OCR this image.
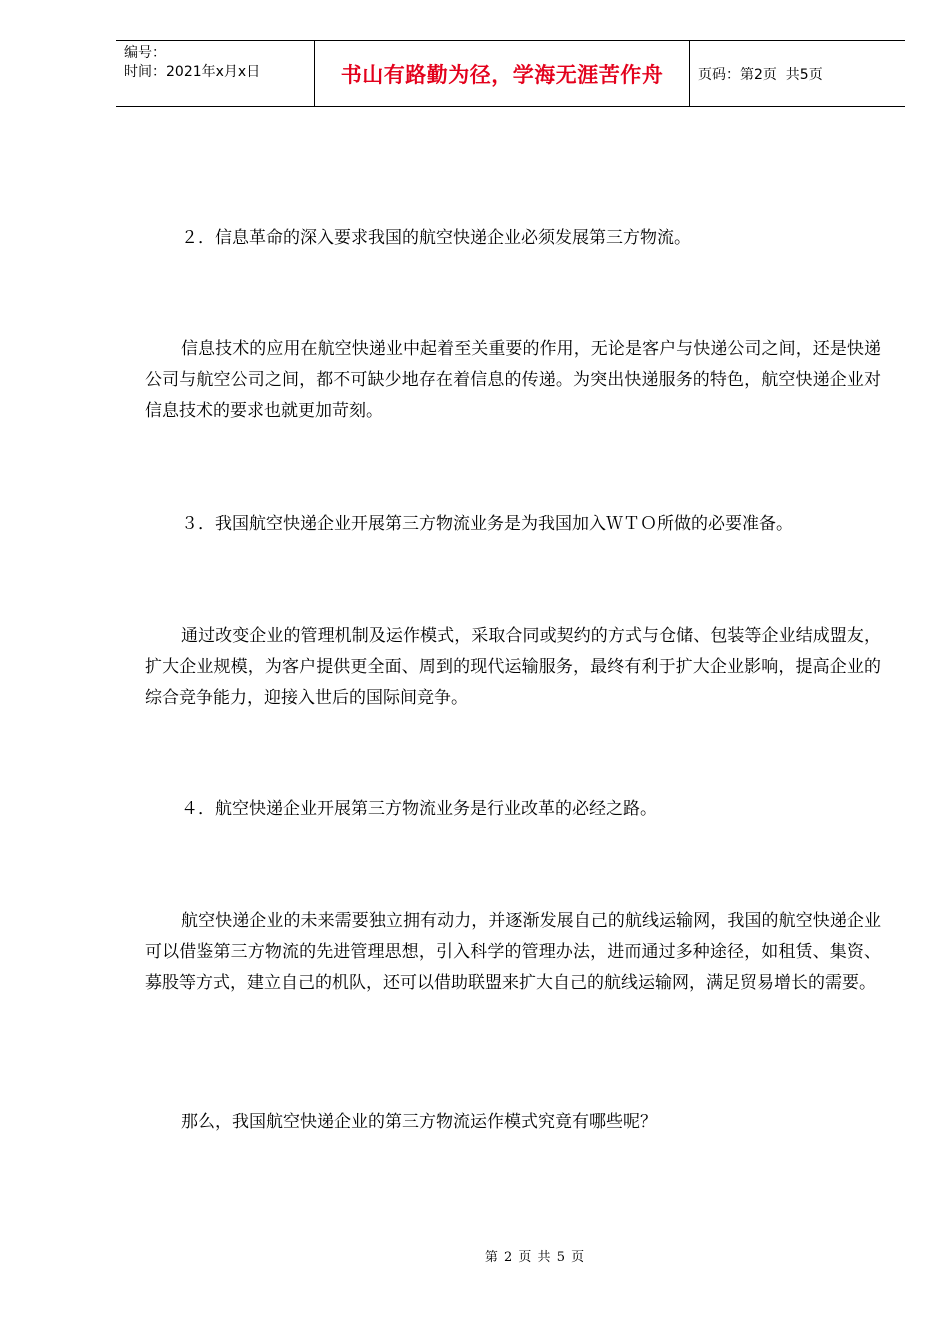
编号：
时间：2021年x月x日	书山有路勤为径，学海无涯苦作舟 页码：第2页  共5页

２．信息革命的深入要求我国的航空快递企业必须发展第三方物流。

信息技术的应用在航空快递业中起着至关重要的作用，无论是客户与快递公司之间，还是快递公司与航空公司之间，都不可缺少地存在着信息的传递。为突出快递服务的特色，航空快递企业对信息技术的要求也就更加苛刻。

３．我国航空快递企业开展第三方物流业务是为我国加入ＷＴＯ所做的必要准备。

通过改变企业的管理机制及运作模式，采取合同或契约的方式与仓储、包装等企业结成盟友，扩大企业规模，为客户提供更全面、周到的现代运输服务，最终有利于扩大企业影响，提高企业的综合竞争能力，迎接入世后的国际间竞争。

４．航空快递企业开展第三方物流业务是行业改革的必经之路。

航空快递企业的未来需要独立拥有动力，并逐渐发展自己的航线运输网，我国的航空快递企业可以借鉴第三方物流的先进管理思想，引入科学的管理办法，进而通过多种途径，如租赁、集资、募股等方式，建立自己的机队，还可以借助联盟来扩大自己的航线运输网，满足贸易增长的需要。

那么，我国航空快递企业的第三方物流运作模式究竟有哪些呢？

第 2 页 共 5 页
